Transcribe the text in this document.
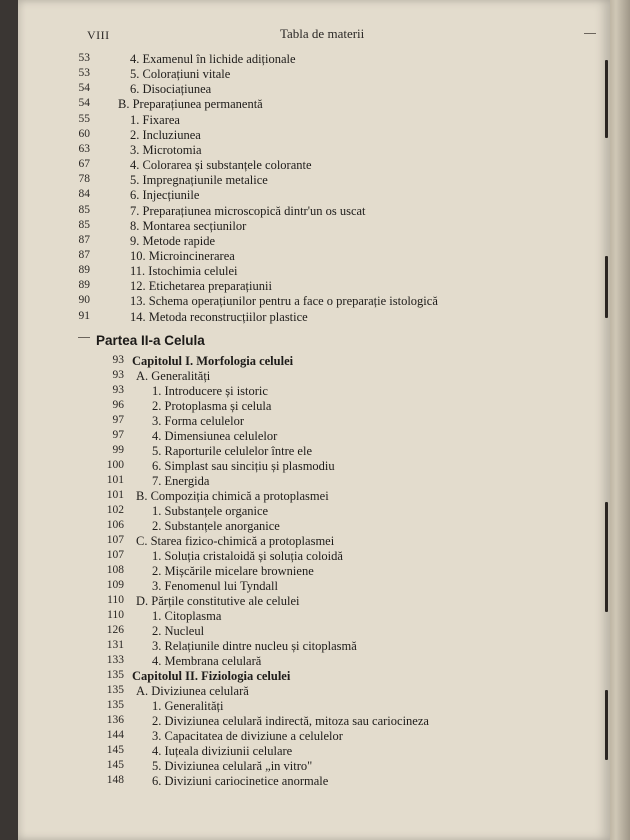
VIII	Tabla de materii
53	4. Examenul în lichide adiționale
53	5. Colorațiuni vitale
54	6. Disociațiunea
54 B. Preparațiunea permanentă
55	1. Fixarea
60	2. Incluziunea
63	3. Microtomia
67	4. Colorarea și substanțele colorante
78	5. Impregnațiunile metalice
84	6. Injecțiunile
85	7. Preparațiunea microscopică dintr'un os uscat
85	8. Montarea secțiunilor
87	9. Metode rapide
87	10. Microincinerarea
89	11. Istochimia celulei
89	12. Etichetarea preparațiunii
90	13. Schema operațiunilor pentru a face o preparație istologică
91	14. Metoda reconstrucțiilor plastice
Partea II-a Celula
93 Capitolul I. Morfologia celulei
93 A. Generalități
93 1. Introducere și istoric
96 2. Protoplasma și celula
97 3. Forma celulelor
97 4. Dimensiunea celulelor
99 5. Raporturile celulelor între ele
100 6. Simplast sau sincițiu și plasmodiu
101 7. Energida
101 B. Compoziția chimică a protoplasmei
102 1. Substanțele organice
106 2. Substanțele anorganice
107 C. Starea fizico-chimică a protoplasmei
107 1. Soluția cristaloidă și soluția coloidă
108 2. Mișcările micelare browniene
109 3. Fenomenul lui Tyndall
110 D. Părțile constitutive ale celulei
110 1. Citoplasma
126 2. Nucleul
131 3. Relațiunile dintre nucleu și citoplasmă
133 4. Membrana celulară
135 Capitolul II. Fiziologia celulei
135 A. Diviziunea celulară
135 1. Generalități
136 2. Diviziunea celulară indirectă, mitoza sau cariocineza
144 3. Capacitatea de diviziune a celulelor
145 4. Iuțeala diviziunii celulare
145 5. Diviziunea celulară „in vitro"
148 6. Diviziuni cariocinetice anormale
